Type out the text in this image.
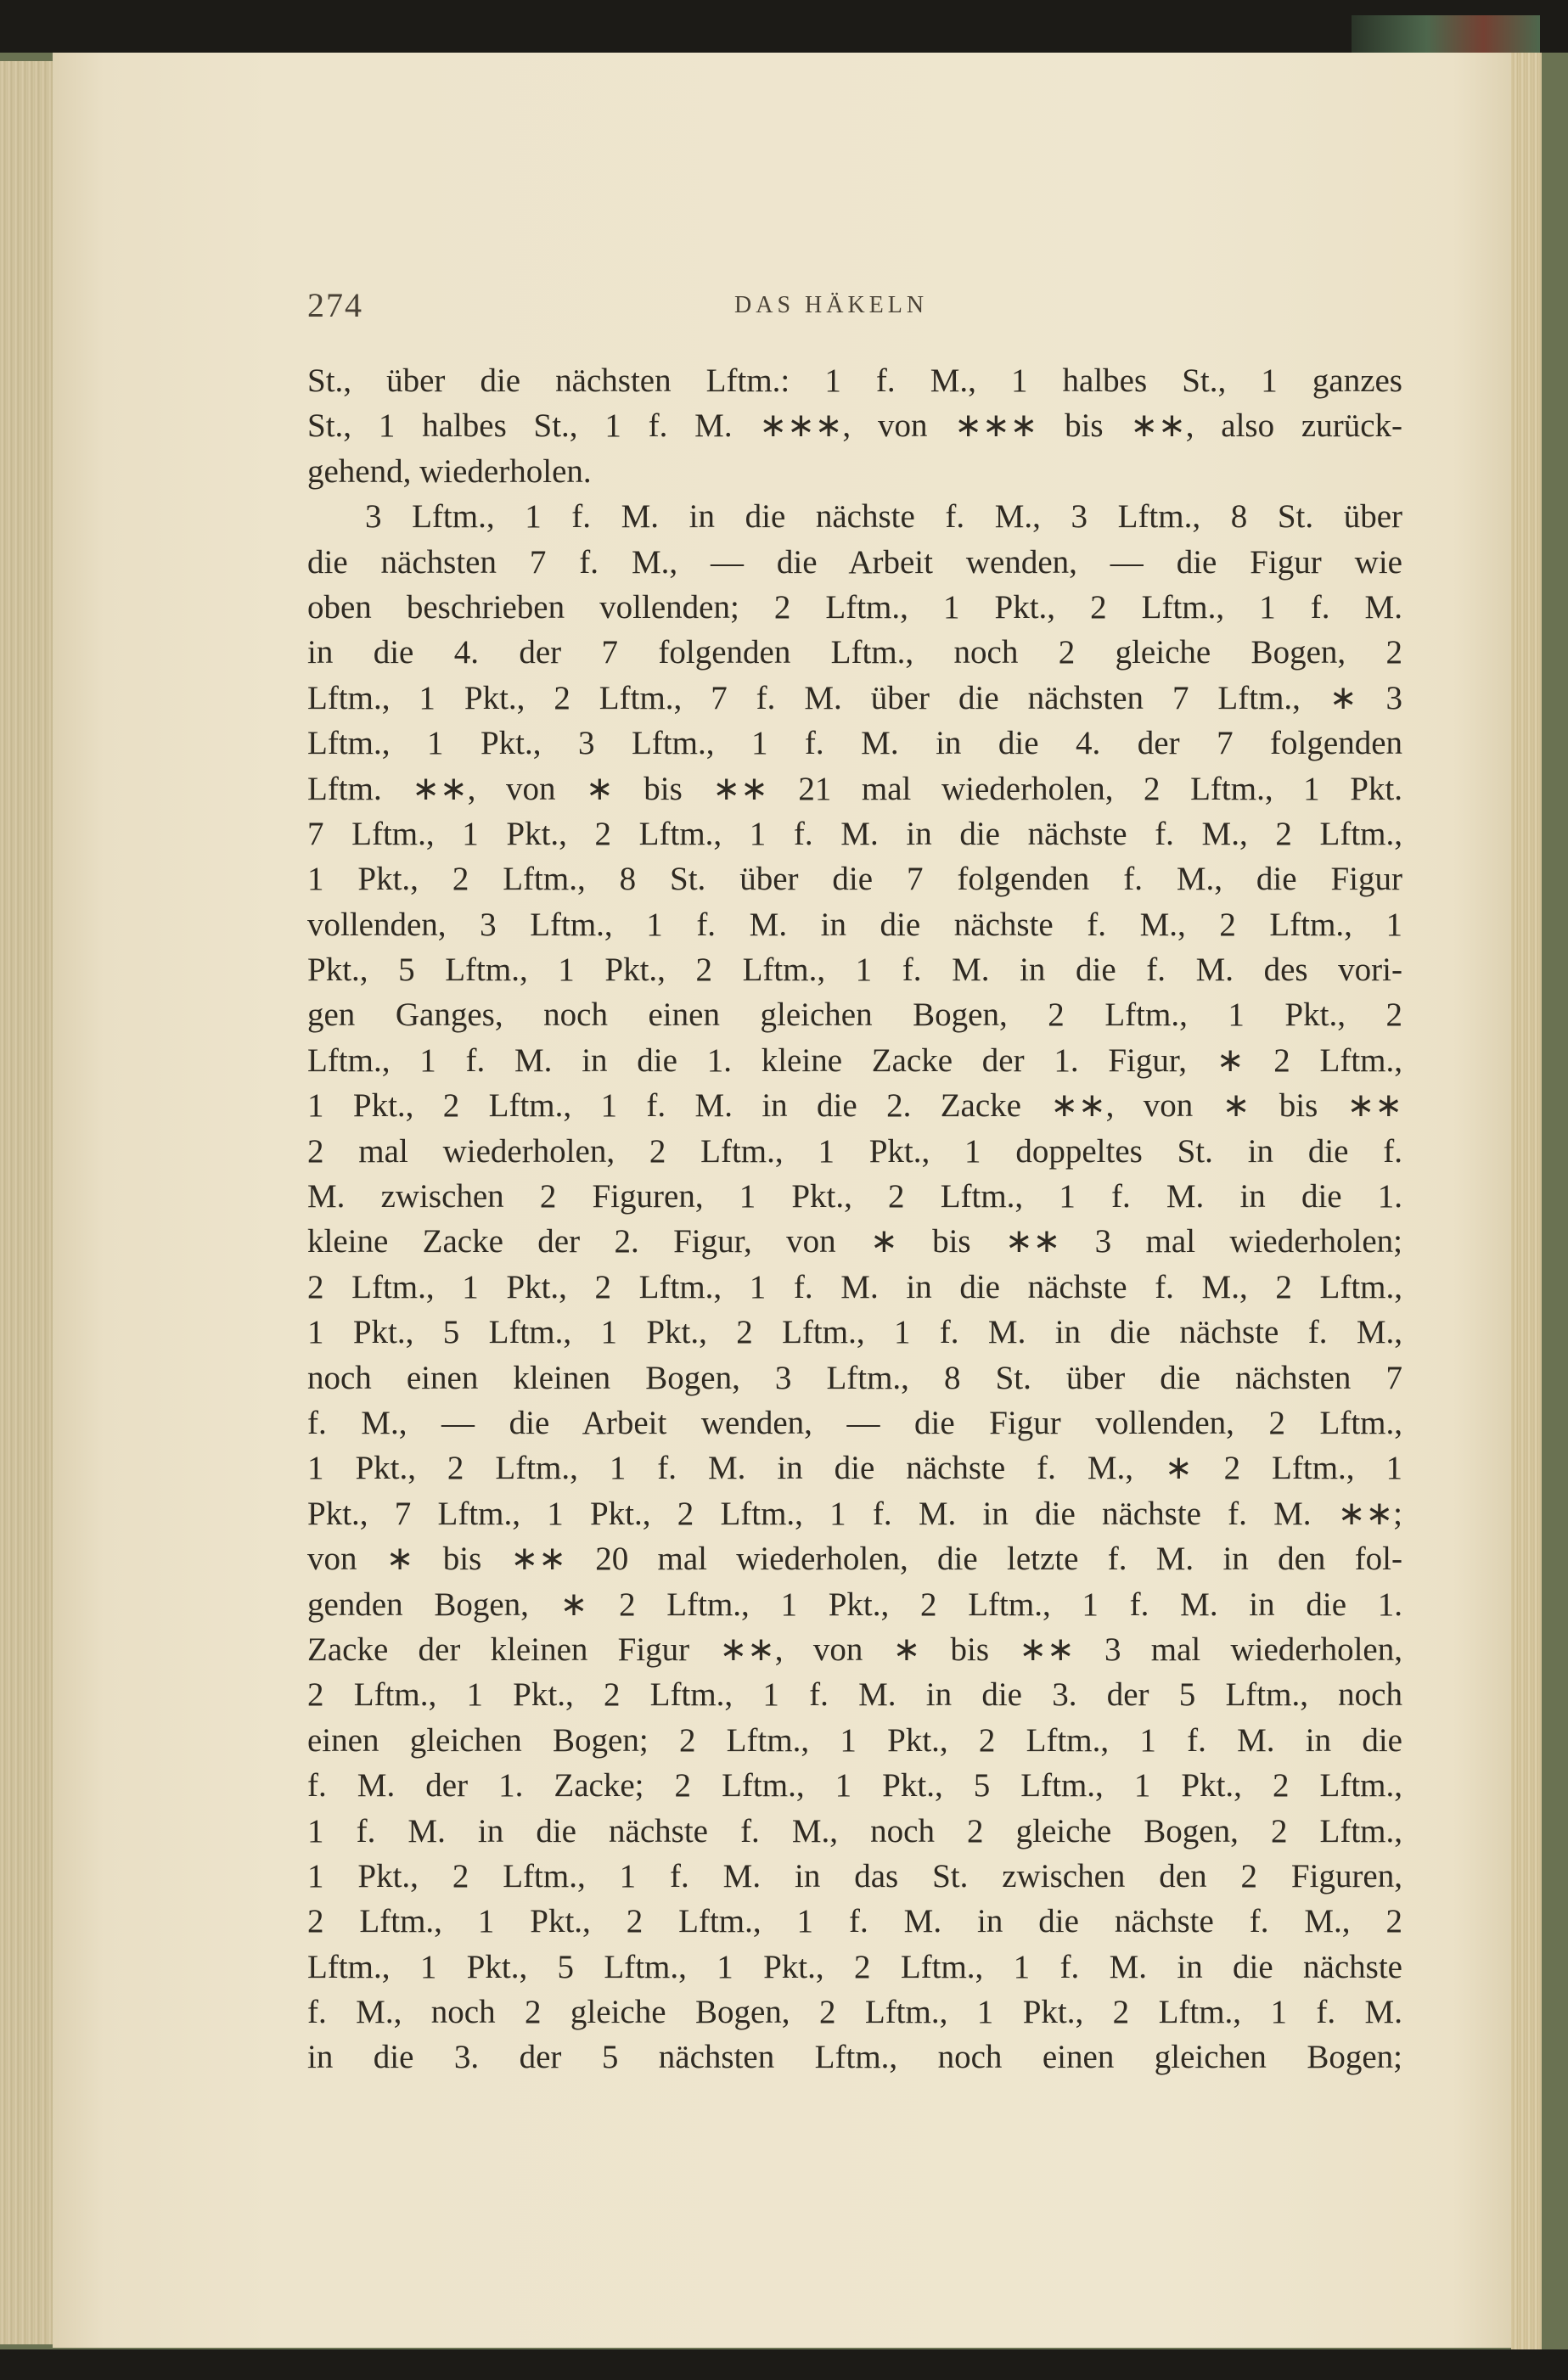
274	DAS HÄKELN
St., über die nächsten Lftm.: 1 f. M., 1 halbes St., 1 ganzes
St., 1 halbes St., 1 f. M. ∗∗∗, von ∗∗∗ bis ∗∗, also zurück-
gehend, wiederholen.
3 Lftm., 1 f. M. in die nächste f. M., 3 Lftm., 8 St. über
die nächsten 7 f. M., — die Arbeit wenden, — die Figur wie
oben beschrieben vollenden; 2 Lftm., 1 Pkt., 2 Lftm., 1 f. M.
in die 4. der 7 folgenden Lftm., noch 2 gleiche Bogen, 2
Lftm., 1 Pkt., 2 Lftm., 7 f. M. über die nächsten 7 Lftm., ∗ 3
Lftm., 1 Pkt., 3 Lftm., 1 f. M. in die 4. der 7 folgenden
Lftm. ∗∗, von ∗ bis ∗∗ 21 mal wiederholen, 2 Lftm., 1 Pkt.
7 Lftm., 1 Pkt., 2 Lftm., 1 f. M. in die nächste f. M., 2 Lftm.,
1 Pkt., 2 Lftm., 8 St. über die 7 folgenden f. M., die Figur
vollenden, 3 Lftm., 1 f. M. in die nächste f. M., 2 Lftm., 1
Pkt., 5 Lftm., 1 Pkt., 2 Lftm., 1 f. M. in die f. M. des vori-
gen Ganges, noch einen gleichen Bogen, 2 Lftm., 1 Pkt., 2
Lftm., 1 f. M. in die 1. kleine Zacke der 1. Figur, ∗ 2 Lftm.,
1 Pkt., 2 Lftm., 1 f. M. in die 2. Zacke ∗∗, von ∗ bis ∗∗
2 mal wiederholen, 2 Lftm., 1 Pkt., 1 doppeltes St. in die f.
M. zwischen 2 Figuren, 1 Pkt., 2 Lftm., 1 f. M. in die 1.
kleine Zacke der 2. Figur, von ∗ bis ∗∗ 3 mal wiederholen;
2 Lftm., 1 Pkt., 2 Lftm., 1 f. M. in die nächste f. M., 2 Lftm.,
1 Pkt., 5 Lftm., 1 Pkt., 2 Lftm., 1 f. M. in die nächste f. M.,
noch einen kleinen Bogen, 3 Lftm., 8 St. über die nächsten 7
f. M., — die Arbeit wenden, — die Figur vollenden, 2 Lftm.,
1 Pkt., 2 Lftm., 1 f. M. in die nächste f. M., ∗ 2 Lftm., 1
Pkt., 7 Lftm., 1 Pkt., 2 Lftm., 1 f. M. in die nächste f. M. ∗∗;
von ∗ bis ∗∗ 20 mal wiederholen, die letzte f. M. in den fol-
genden Bogen, ∗ 2 Lftm., 1 Pkt., 2 Lftm., 1 f. M. in die 1.
Zacke der kleinen Figur ∗∗, von ∗ bis ∗∗ 3 mal wiederholen,
2 Lftm., 1 Pkt., 2 Lftm., 1 f. M. in die 3. der 5 Lftm., noch
einen gleichen Bogen; 2 Lftm., 1 Pkt., 2 Lftm., 1 f. M. in die
f. M. der 1. Zacke; 2 Lftm., 1 Pkt., 5 Lftm., 1 Pkt., 2 Lftm.,
1 f. M. in die nächste f. M., noch 2 gleiche Bogen, 2 Lftm.,
1 Pkt., 2 Lftm., 1 f. M. in das St. zwischen den 2 Figuren,
2 Lftm., 1 Pkt., 2 Lftm., 1 f. M. in die nächste f. M., 2
Lftm., 1 Pkt., 5 Lftm., 1 Pkt., 2 Lftm., 1 f. M. in die nächste
f. M., noch 2 gleiche Bogen, 2 Lftm., 1 Pkt., 2 Lftm., 1 f. M.
in die 3. der 5 nächsten Lftm., noch einen gleichen Bogen;
